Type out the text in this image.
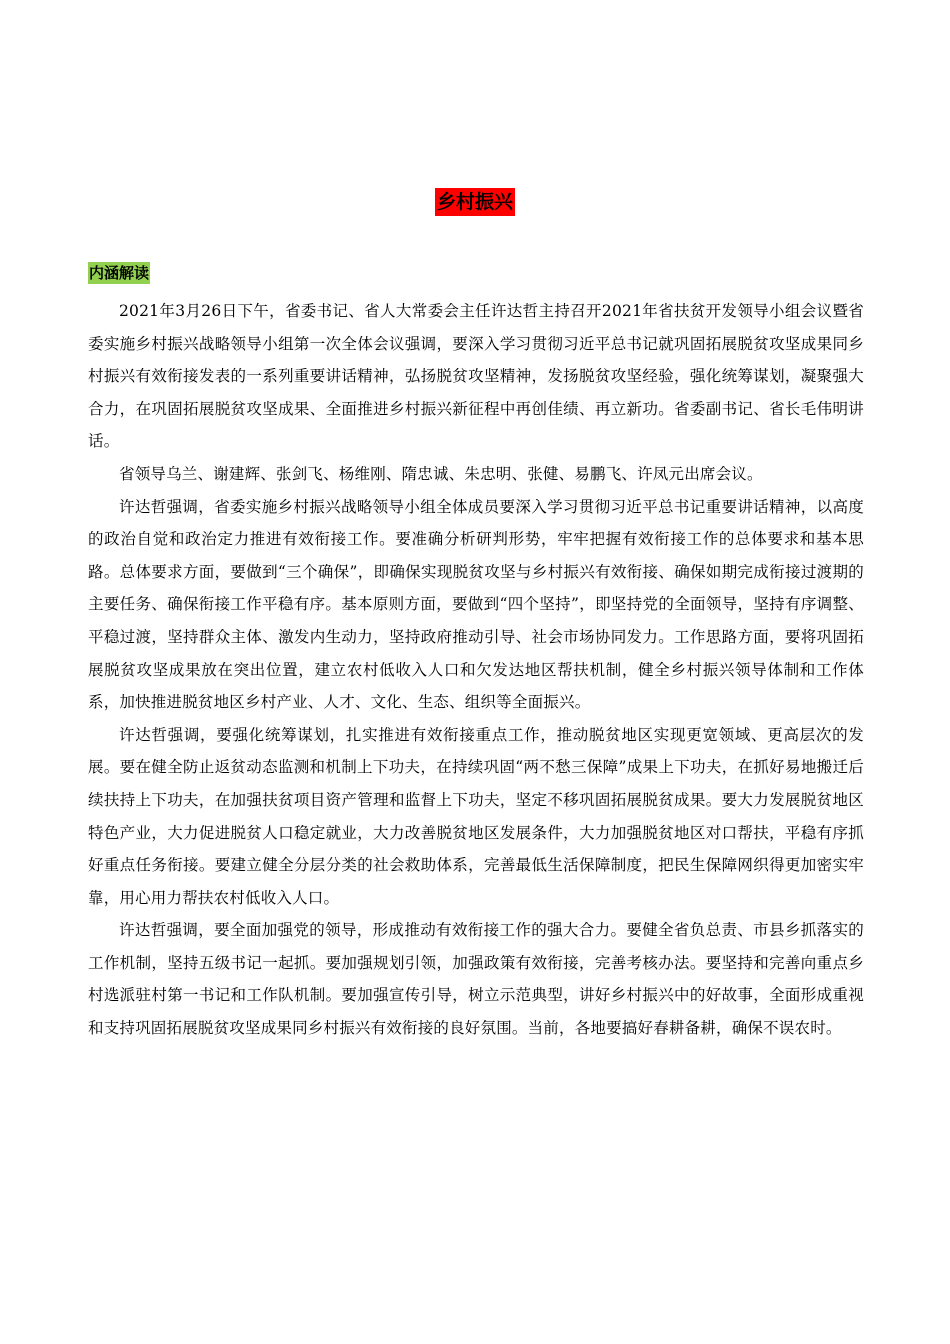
乡村振兴
内涵解读

2021年3月26日下午，省委书记、省人大常委会主任许达哲主持召开2021年省扶贫开发领导小组会议暨省委实施乡村振兴战略领导小组第一次全体会议强调，要深入学习贯彻习近平总书记就巩固拓展脱贫攻坚成果同乡村振兴有效衔接发表的一系列重要讲话精神，弘扬脱贫攻坚精神，发扬脱贫攻坚经验，强化统筹谋划，凝聚强大合力，在巩固拓展脱贫攻坚成果、全面推进乡村振兴新征程中再创佳绩、再立新功。省委副书记、省长毛伟明讲话。

省领导乌兰、谢建辉、张剑飞、杨维刚、隋忠诚、朱忠明、张健、易鹏飞、许凤元出席会议。

许达哲强调，省委实施乡村振兴战略领导小组全体成员要深入学习贯彻习近平总书记重要讲话精神，以高度的政治自觉和政治定力推进有效衔接工作。要准确分析研判形势，牢牢把握有效衔接工作的总体要求和基本思路。总体要求方面，要做到“三个确保”，即确保实现脱贫攻坚与乡村振兴有效衔接、确保如期完成衔接过渡期的主要任务、确保衔接工作平稳有序。基本原则方面，要做到“四个坚持”，即坚持党的全面领导，坚持有序调整、平稳过渡，坚持群众主体、激发内生动力，坚持政府推动引导、社会市场协同发力。工作思路方面，要将巩固拓展脱贫攻坚成果放在突出位置，建立农村低收入人口和欠发达地区帮扶机制，健全乡村振兴领导体制和工作体系，加快推进脱贫地区乡村产业、人才、文化、生态、组织等全面振兴。

许达哲强调，要强化统筹谋划，扎实推进有效衔接重点工作，推动脱贫地区实现更宽领域、更高层次的发展。要在健全防止返贫动态监测和机制上下功夫，在持续巩固“两不愁三保障”成果上下功夫，在抓好易地搬迁后续扶持上下功夫，在加强扶贫项目资产管理和监督上下功夫，坚定不移巩固拓展脱贫成果。要大力发展脱贫地区特色产业，大力促进脱贫人口稳定就业，大力改善脱贫地区发展条件，大力加强脱贫地区对口帮扶，平稳有序抓好重点任务衔接。要建立健全分层分类的社会救助体系，完善最低生活保障制度，把民生保障网织得更加密实牢靠，用心用力帮扶农村低收入人口。

许达哲强调，要全面加强党的领导，形成推动有效衔接工作的强大合力。要健全省负总责、市县乡抓落实的工作机制，坚持五级书记一起抓。要加强规划引领，加强政策有效衔接，完善考核办法。要坚持和完善向重点乡村选派驻村第一书记和工作队机制。要加强宣传引导，树立示范典型，讲好乡村振兴中的好故事，全面形成重视和支持巩固拓展脱贫攻坚成果同乡村振兴有效衔接的良好氛围。当前，各地要搞好春耕备耕，确保不误农时。
